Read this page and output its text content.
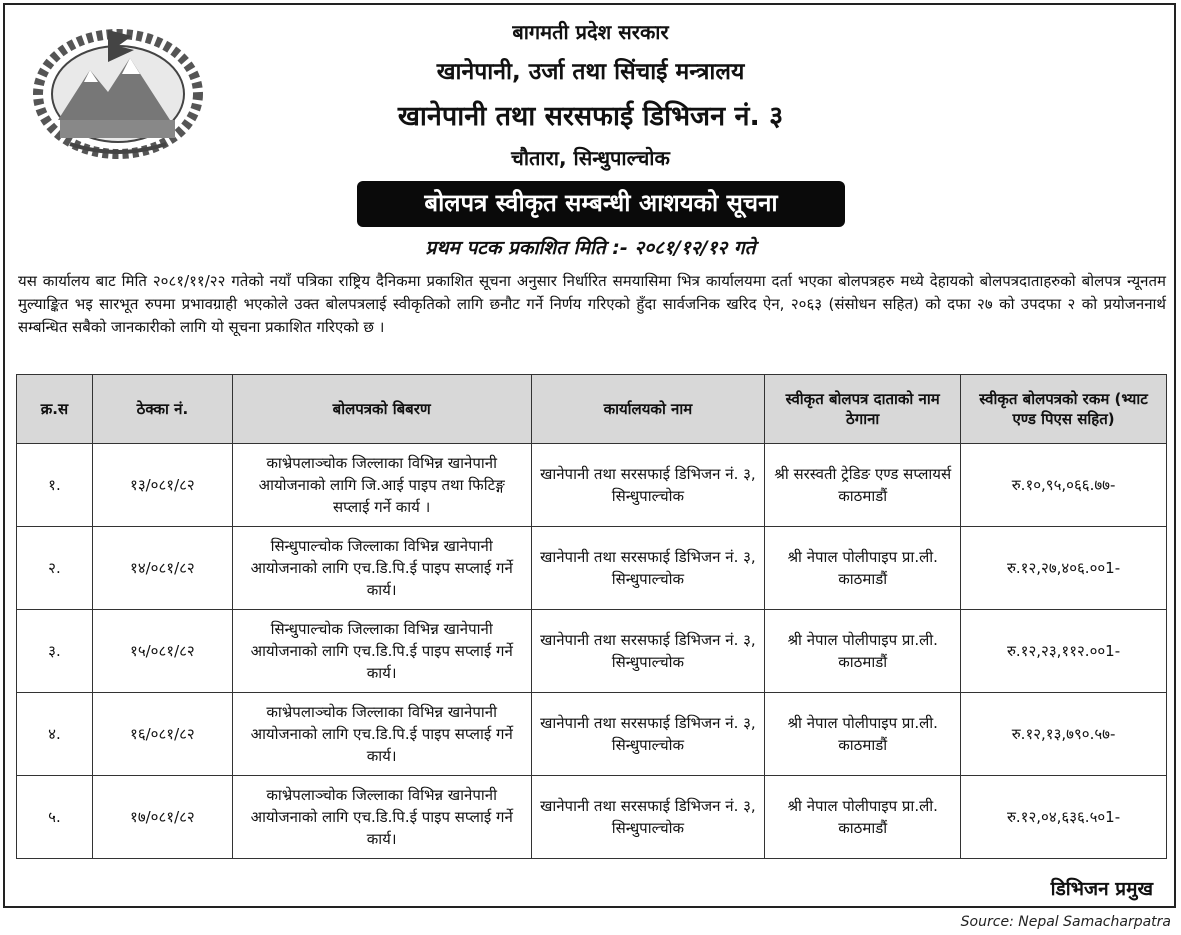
बागमती प्रदेश सरकार
खानेपानी, उर्जा तथा सिंचाई मन्त्रालय
खानेपानी तथा सरसफाई डिभिजन नं. ३
चौतारा, सिन्धुपाल्चोक
बोलपत्र स्वीकृत सम्बन्धी आशयको सूचना
प्रथम पटक प्रकाशित मिति :- २०८१/१२/१२ गते
यस कार्यालय बाट मिति २०८१/११/२२ गतेको नयाँ पत्रिका राष्ट्रिय दैनिकमा प्रकाशित सूचना अनुसार निर्धारित समयासिमा भित्र कार्यालयमा दर्ता भएका बोलपत्रहरु मध्ये देहायको बोलपत्रदाताहरुको बोलपत्र न्यूनतम मुल्याङ्कित भइ सारभूत रुपमा प्रभावग्राही भएकोले उक्त बोलपत्रलाई स्वीकृतिको लागि छनौट गर्ने निर्णय गरिएको हुँदा सार्वजनिक खरिद ऐन, २०६३ (संसोधन सहित) को दफा २७ को उपदफा २ को प्रयोजननार्थ सम्बन्धित सबैको जानकारीको लागि यो सूचना प्रकाशित गरिएको छ ।
क्र.स	ठेक्का नं.	बोलपत्रको बिबरण	कार्यालयको नाम	स्वीकृत बोलपत्र दाताको नाम ठेगाना	स्वीकृत बोलपत्रको रकम (भ्याट एण्ड पिएस सहित)
१.	१३/०८१/८२	काभ्रेपलाञ्चोक जिल्लाका विभिन्न खानेपानी आयोजनाको लागि जि.आई पाइप तथा फिटिङ्ग सप्लाई गर्ने कार्य ।	खानेपानी तथा सरसफाई डिभिजन नं. ३, सिन्धुपाल्चोक	श्री सरस्वती ट्रेडिङ एण्ड सप्लायर्स काठमाडौं	रु.१०,९५,०६६.७७-
२.	१४/०८१/८२	सिन्धुपाल्चोक जिल्लाका विभिन्न खानेपानी आयोजनाको लागि एच.डि.पि.ई पाइप सप्लाई गर्ने कार्य।	खानेपानी तथा सरसफाई डिभिजन नं. ३, सिन्धुपाल्चोक	श्री नेपाल पोलीपाइप प्रा.ली. काठमाडौं	रु.१२,२७,४०६.००1-
३.	१५/०८१/८२	सिन्धुपाल्चोक जिल्लाका विभिन्न खानेपानी आयोजनाको लागि एच.डि.पि.ई पाइप सप्लाई गर्ने कार्य।	खानेपानी तथा सरसफाई डिभिजन नं. ३, सिन्धुपाल्चोक	श्री नेपाल पोलीपाइप प्रा.ली. काठमाडौं	रु.१२,२३,११२.००1-
४.	१६/०८१/८२	काभ्रेपलाञ्चोक जिल्लाका विभिन्न खानेपानी आयोजनाको लागि एच.डि.पि.ई पाइप सप्लाई गर्ने कार्य।	खानेपानी तथा सरसफाई डिभिजन नं. ३, सिन्धुपाल्चोक	श्री नेपाल पोलीपाइप प्रा.ली. काठमाडौं	रु.१२,१३,७९०.५७-
५.	१७/०८१/८२	काभ्रेपलाञ्चोक जिल्लाका विभिन्न खानेपानी आयोजनाको लागि एच.डि.पि.ई पाइप सप्लाई गर्ने कार्य।	खानेपानी तथा सरसफाई डिभिजन नं. ३, सिन्धुपाल्चोक	श्री नेपाल पोलीपाइप प्रा.ली. काठमाडौं	रु.१२,०४,६३६.५०1-
डिभिजन प्रमुख
Source: Nepal Samacharpatra
